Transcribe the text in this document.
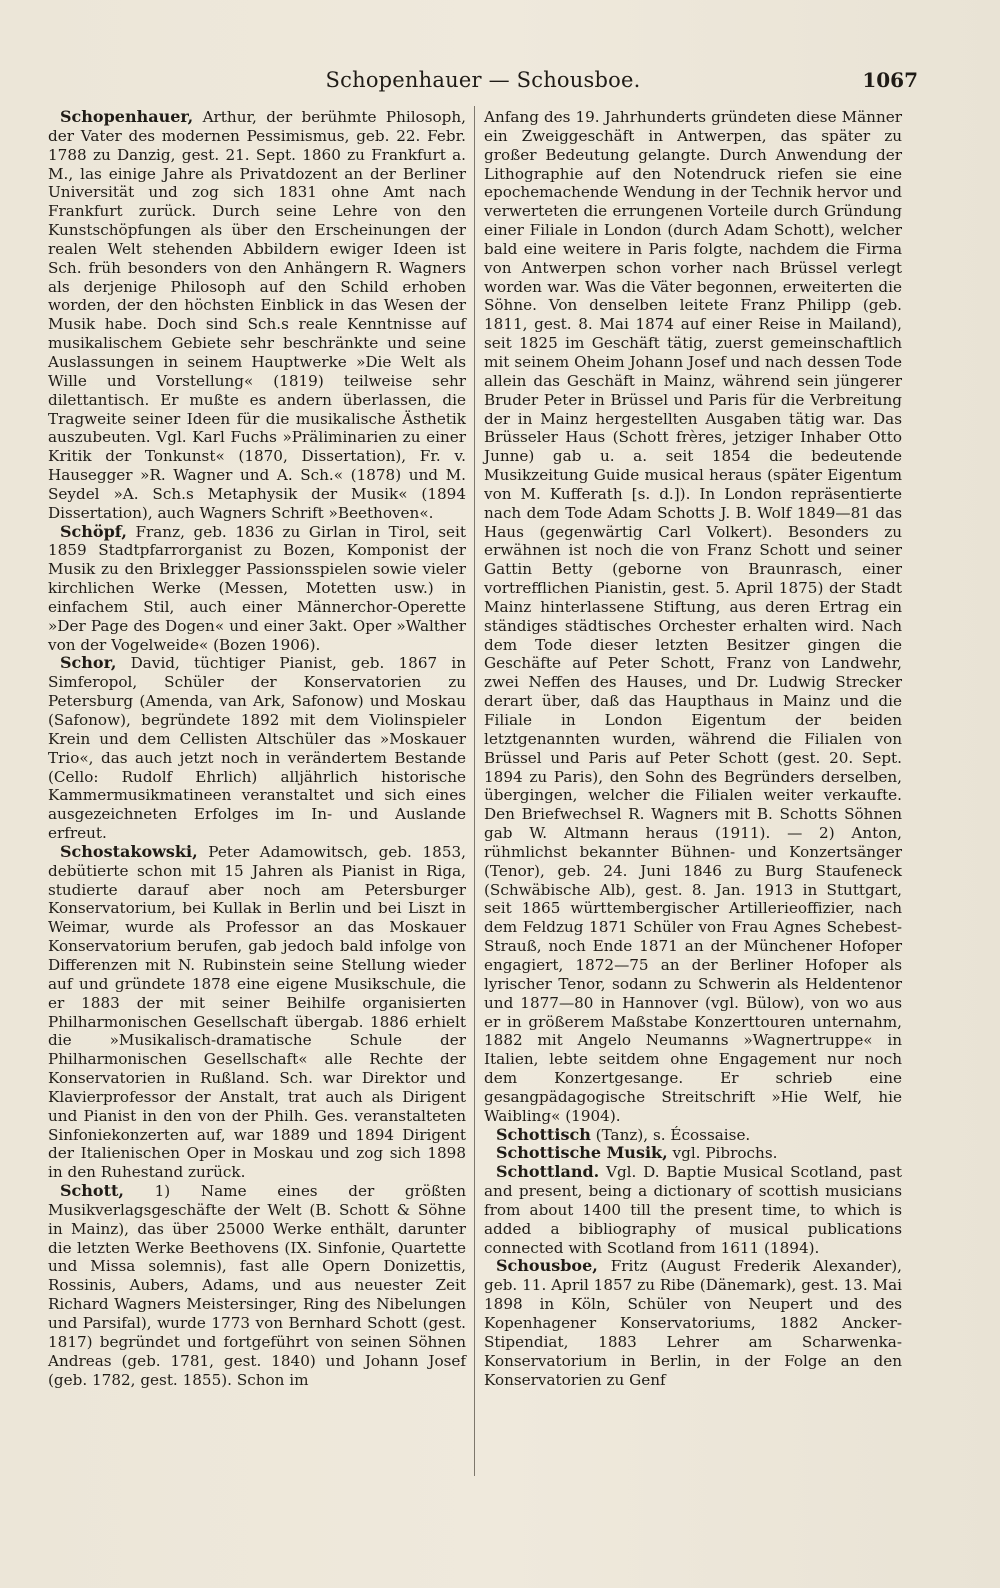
Schopenhauer — Schousboe.	1067

Schopenhauer, Arthur, der berühmte Philosoph, der Vater des modernen Pessimismus, geb. 22. Febr. 1788 zu Danzig, gest. 21. Sept. 1860 zu Frankfurt a. M., las einige Jahre als Privatdozent an der Berliner Universität und zog sich 1831 ohne Amt nach Frankfurt zurück. Durch seine Lehre von den Kunstschöpfungen als über den Erscheinungen der realen Welt stehenden Abbildern ewiger Ideen ist Sch. früh besonders von den Anhängern R. Wagners als derjenige Philosoph auf den Schild erhoben worden, der den höchsten Einblick in das Wesen der Musik habe. Doch sind Sch.s reale Kenntnisse auf musikalischem Gebiete sehr beschränkte und seine Auslassungen in seinem Hauptwerke »Die Welt als Wille und Vorstellung« (1819) teilweise sehr dilettantisch. Er mußte es andern überlassen, die Tragweite seiner Ideen für die musikalische Ästhetik auszubeuten. Vgl. Karl Fuchs »Präliminarien zu einer Kritik der Tonkunst« (1870, Dissertation), Fr. v. Hausegger »R. Wagner und A. Sch.« (1878) und M. Seydel »A. Sch.s Metaphysik der Musik« (1894 Dissertation), auch Wagners Schrift »Beethoven«.

Schöpf, Franz, geb. 1836 zu Girlan in Tirol, seit 1859 Stadtpfarrorganist zu Bozen, Komponist der Musik zu den Brixlegger Passionsspielen sowie vieler kirchlichen Werke (Messen, Motetten usw.) in einfachem Stil, auch einer Männerchor-Operette »Der Page des Dogen« und einer 3akt. Oper »Walther von der Vogelweide« (Bozen 1906).

Schor, David, tüchtiger Pianist, geb. 1867 in Simferopol, Schüler der Konservatorien zu Petersburg (Amenda, van Ark, Safonow) und Moskau (Safonow), begründete 1892 mit dem Violinspieler Krein und dem Cellisten Altschüler das »Moskauer Trio«, das auch jetzt noch in verändertem Bestande (Cello: Rudolf Ehrlich) alljährlich historische Kammermusikmatineen veranstaltet und sich eines ausgezeichneten Erfolges im In- und Auslande erfreut.

Schostakowski, Peter Adamowitsch, geb. 1853, debütierte schon mit 15 Jahren als Pianist in Riga, studierte darauf aber noch am Petersburger Konservatorium, bei Kullak in Berlin und bei Liszt in Weimar, wurde als Professor an das Moskauer Konservatorium berufen, gab jedoch bald infolge von Differenzen mit N. Rubinstein seine Stellung wieder auf und gründete 1878 eine eigene Musikschule, die er 1883 der mit seiner Beihilfe organisierten Philharmonischen Gesellschaft übergab. 1886 erhielt die »Musikalisch-dramatische Schule der Philharmonischen Gesellschaft« alle Rechte der Konservatorien in Rußland. Sch. war Direktor und Klavierprofessor der Anstalt, trat auch als Dirigent und Pianist in den von der Philh. Ges. veranstalteten Sinfoniekonzerten auf, war 1889 und 1894 Dirigent der Italienischen Oper in Moskau und zog sich 1898 in den Ruhestand zurück.

Schott, 1) Name eines der größten Musikverlagsgeschäfte der Welt (B. Schott & Söhne in Mainz), das über 25000 Werke enthält, darunter die letzten Werke Beethovens (IX. Sinfonie, Quartette und Missa solemnis), fast alle Opern Donizettis, Rossinis, Aubers, Adams, und aus neuester Zeit Richard Wagners Meistersinger, Ring des Nibelungen und Parsifal), wurde 1773 von Bernhard Schott (gest. 1817) begründet und fortgeführt von seinen Söhnen Andreas (geb. 1781, gest. 1840) und Johann Josef (geb. 1782, gest. 1855). Schon im

Anfang des 19. Jahrhunderts gründeten diese Männer ein Zweiggeschäft in Antwerpen, das später zu großer Bedeutung gelangte. Durch Anwendung der Lithographie auf den Notendruck riefen sie eine epochemachende Wendung in der Technik hervor und verwerteten die errungenen Vorteile durch Gründung einer Filiale in London (durch Adam Schott), welcher bald eine weitere in Paris folgte, nachdem die Firma von Antwerpen schon vorher nach Brüssel verlegt worden war. Was die Väter begonnen, erweiterten die Söhne. Von denselben leitete Franz Philipp (geb. 1811, gest. 8. Mai 1874 auf einer Reise in Mailand), seit 1825 im Geschäft tätig, zuerst gemeinschaftlich mit seinem Oheim Johann Josef und nach dessen Tode allein das Geschäft in Mainz, während sein jüngerer Bruder Peter in Brüssel und Paris für die Verbreitung der in Mainz hergestellten Ausgaben tätig war. Das Brüsseler Haus (Schott frères, jetziger Inhaber Otto Junne) gab u. a. seit 1854 die bedeutende Musikzeitung Guide musical heraus (später Eigentum von M. Kufferath [s. d.]). In London repräsentierte nach dem Tode Adam Schotts J. B. Wolf 1849—81 das Haus (gegenwärtig Carl Volkert). Besonders zu erwähnen ist noch die von Franz Schott und seiner Gattin Betty (geborne von Braunrasch, einer vortrefflichen Pianistin, gest. 5. April 1875) der Stadt Mainz hinterlassene Stiftung, aus deren Ertrag ein ständiges städtisches Orchester erhalten wird. Nach dem Tode dieser letzten Besitzer gingen die Geschäfte auf Peter Schott, Franz von Landwehr, zwei Neffen des Hauses, und Dr. Ludwig Strecker derart über, daß das Haupthaus in Mainz und die Filiale in London Eigentum der beiden letztgenannten wurden, während die Filialen von Brüssel und Paris auf Peter Schott (gest. 20. Sept. 1894 zu Paris), den Sohn des Begründers derselben, übergingen, welcher die Filialen weiter verkaufte. Den Briefwechsel R. Wagners mit B. Schotts Söhnen gab W. Altmann heraus (1911). — 2) Anton, rühmlichst bekannter Bühnen- und Konzertsänger (Tenor), geb. 24. Juni 1846 zu Burg Staufeneck (Schwäbische Alb), gest. 8. Jan. 1913 in Stuttgart, seit 1865 württembergischer Artillerieoffizier, nach dem Feldzug 1871 Schüler von Frau Agnes Schebest-Strauß, noch Ende 1871 an der Münchener Hofoper engagiert, 1872—75 an der Berliner Hofoper als lyrischer Tenor, sodann zu Schwerin als Heldentenor und 1877—80 in Hannover (vgl. Bülow), von wo aus er in größerem Maßstabe Konzerttouren unternahm, 1882 mit Angelo Neumanns »Wagnertruppe« in Italien, lebte seitdem ohne Engagement nur noch dem Konzertgesange. Er schrieb eine gesangpädagogische Streitschrift »Hie Welf, hie Waibling« (1904).

Schottisch (Tanz), s. Écossaise.

Schottische Musik, vgl. Pibrochs.

Schottland. Vgl. D. Baptie Musical Scotland, past and present, being a dictionary of scottish musicians from about 1400 till the present time, to which is added a bibliography of musical publications connected with Scotland from 1611 (1894).

Schousboe, Fritz (August Frederik Alexander), geb. 11. April 1857 zu Ribe (Dänemark), gest. 13. Mai 1898 in Köln, Schüler von Neupert und des Kopenhagener Konservatoriums, 1882 Ancker-Stipendiat, 1883 Lehrer am Scharwenka-Konservatorium in Berlin, in der Folge an den Konservatorien zu Genf
